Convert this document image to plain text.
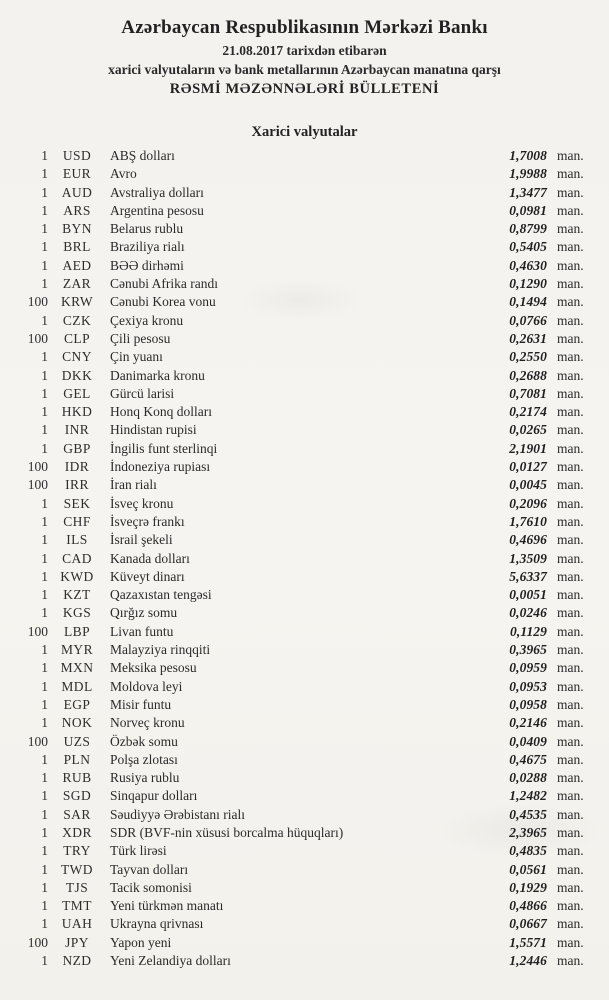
Azərbaycan Respublikasının Mərkəzi Bankı
21.08.2017 tarixdən etibarən
xarici valyutaların və bank metallarının Azərbaycan manatına qarşı
RƏSMİ MƏZƏNNƏLƏRİ BÜLLETENİ
Xarici valyutalar
1	USD	ABŞ dolları	1,7008 man.
1	EUR	Avro	1,9988 man.
1	AUD	Avstraliya dolları	1,3477 man.
1	ARS	Argentina pesosu	0,0981 man.
1	BYN	Belarus rublu	0,8799 man.
1	BRL	Braziliya rialı	0,5405 man.
1	AED	BƏƏ dirhəmi	0,4630 man.
1	ZAR	Cənubi Afrika randı	0,1290 man.
100 KRW	Cənubi Korea vonu	0,1494 man.
1	CZK	Çexiya kronu	0,0766 man.
100	CLP	Çili pesosu	0,2631 man.
1	CNY	Çin yuanı	0,2550 man.
1	DKK	Danimarka kronu	0,2688 man.
1	GEL	Gürcü larisi	0,7081 man.
1	HKD	Honq Konq dolları	0,2174 man.
1	INR	Hindistan rupisi	0,0265 man.
1	GBP	İngilis funt sterlinqi	2,1901 man.
100	IDR	İndoneziya rupiası	0,0127 man.
100	IRR	İran rialı	0,0045 man.
1	SEK	İsveç kronu	0,2096 man.
1	CHF	İsveçrə frankı	1,7610 man.
1	ILS	İsrail şekeli	0,4696 man.
1	CAD	Kanada dolları	1,3509 man.
1 KWD	Küveyt dinarı	5,6337 man.
1	KZT	Qazaxıstan tengəsi	0,0051 man.
1	KGS	Qırğız somu	0,0246 man.
100	LBP	Livan funtu	0,1129 man.
1 MYR	Malayziya rinqqiti	0,3965 man.
1 MXN	Meksika pesosu	0,0959 man.
1 MDL	Moldova leyi	0,0953 man.
1	EGP	Misir funtu	0,0958 man.
1	NOK	Norveç kronu	0,2146 man.
100	UZS	Özbək somu	0,0409 man.
1	PLN	Polşa zlotası	0,4675 man.
1	RUB	Rusiya rublu	0,0288 man.
1	SGD	Sinqapur dolları	1,2482 man.
1	SAR	Səudiyyə Ərəbistanı rialı	0,4535 man.
1	XDR	SDR (BVF-nin xüsusi borcalma hüquqları)	2,3965 man.
1	TRY	Türk lirəsi	0,4835 man.
1 TWD	Tayvan dolları	0,0561 man.
1	TJS	Tacik somonisi	0,1929 man.
1	TMT	Yeni türkmən manatı	0,4866 man.
1	UAH	Ukrayna qrivnası	0,0667 man.
100	JPY	Yapon yeni	1,5571 man.
1	NZD	Yeni Zelandiya dolları	1,2446 man.
